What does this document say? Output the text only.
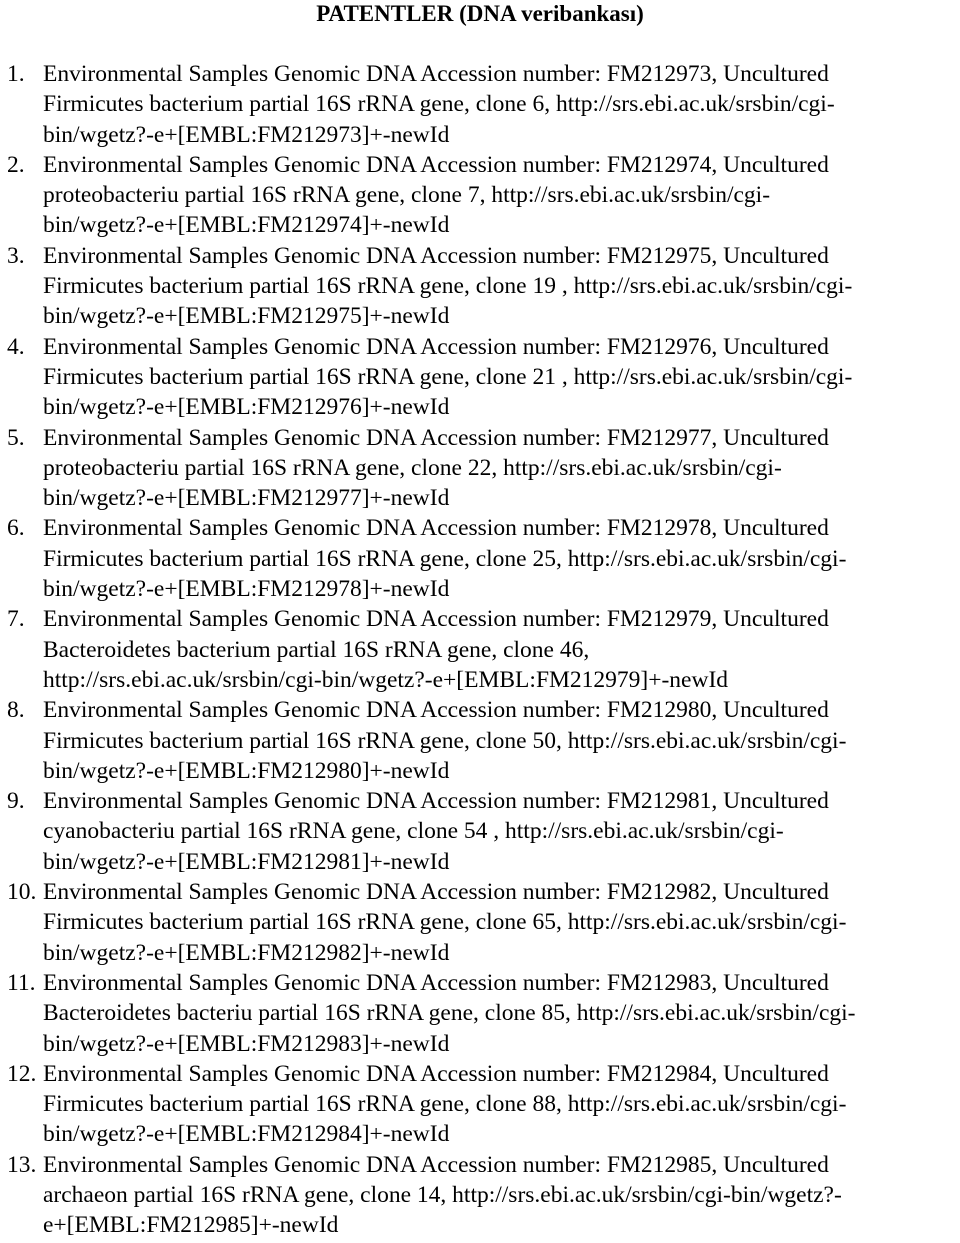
PATENTLER (DNA veribankası)
1. Environmental Samples Genomic DNA Accession number: FM212973, Uncultured
Firmicutes bacterium partial 16S rRNA gene, clone 6, http://srs.ebi.ac.uk/srsbin/cgi-
bin/wgetz?-e+[EMBL:FM212973]+-newId
2. Environmental Samples Genomic DNA Accession number: FM212974, Uncultured
proteobacteriu partial 16S rRNA gene, clone 7, http://srs.ebi.ac.uk/srsbin/cgi-
bin/wgetz?-e+[EMBL:FM212974]+-newId
3. Environmental Samples Genomic DNA Accession number: FM212975, Uncultured
Firmicutes bacterium partial 16S rRNA gene, clone 19 , http://srs.ebi.ac.uk/srsbin/cgi-
bin/wgetz?-e+[EMBL:FM212975]+-newId
4. Environmental Samples Genomic DNA Accession number: FM212976, Uncultured
Firmicutes bacterium partial 16S rRNA gene, clone 21 , http://srs.ebi.ac.uk/srsbin/cgi-
bin/wgetz?-e+[EMBL:FM212976]+-newId
5. Environmental Samples Genomic DNA Accession number: FM212977, Uncultured
proteobacteriu partial 16S rRNA gene, clone 22, http://srs.ebi.ac.uk/srsbin/cgi-
bin/wgetz?-e+[EMBL:FM212977]+-newId
6. Environmental Samples Genomic DNA Accession number: FM212978, Uncultured
Firmicutes bacterium partial 16S rRNA gene, clone 25, http://srs.ebi.ac.uk/srsbin/cgi-
bin/wgetz?-e+[EMBL:FM212978]+-newId
7. Environmental Samples Genomic DNA Accession number: FM212979, Uncultured
Bacteroidetes bacterium partial 16S rRNA gene, clone 46,
http://srs.ebi.ac.uk/srsbin/cgi-bin/wgetz?-e+[EMBL:FM212979]+-newId
8. Environmental Samples Genomic DNA Accession number: FM212980, Uncultured
Firmicutes bacterium partial 16S rRNA gene, clone 50, http://srs.ebi.ac.uk/srsbin/cgi-
bin/wgetz?-e+[EMBL:FM212980]+-newId
9. Environmental Samples Genomic DNA Accession number: FM212981, Uncultured
cyanobacteriu partial 16S rRNA gene, clone 54 , http://srs.ebi.ac.uk/srsbin/cgi-
bin/wgetz?-e+[EMBL:FM212981]+-newId
10. Environmental Samples Genomic DNA Accession number: FM212982, Uncultured
Firmicutes bacterium partial 16S rRNA gene, clone 65, http://srs.ebi.ac.uk/srsbin/cgi-
bin/wgetz?-e+[EMBL:FM212982]+-newId
11. Environmental Samples Genomic DNA Accession number: FM212983, Uncultured
Bacteroidetes bacteriu partial 16S rRNA gene, clone 85, http://srs.ebi.ac.uk/srsbin/cgi-
bin/wgetz?-e+[EMBL:FM212983]+-newId
12. Environmental Samples Genomic DNA Accession number: FM212984, Uncultured
Firmicutes bacterium partial 16S rRNA gene, clone 88, http://srs.ebi.ac.uk/srsbin/cgi-
bin/wgetz?-e+[EMBL:FM212984]+-newId
13. Environmental Samples Genomic DNA Accession number: FM212985, Uncultured
archaeon partial 16S rRNA gene, clone 14, http://srs.ebi.ac.uk/srsbin/cgi-bin/wgetz?-
e+[EMBL:FM212985]+-newId
